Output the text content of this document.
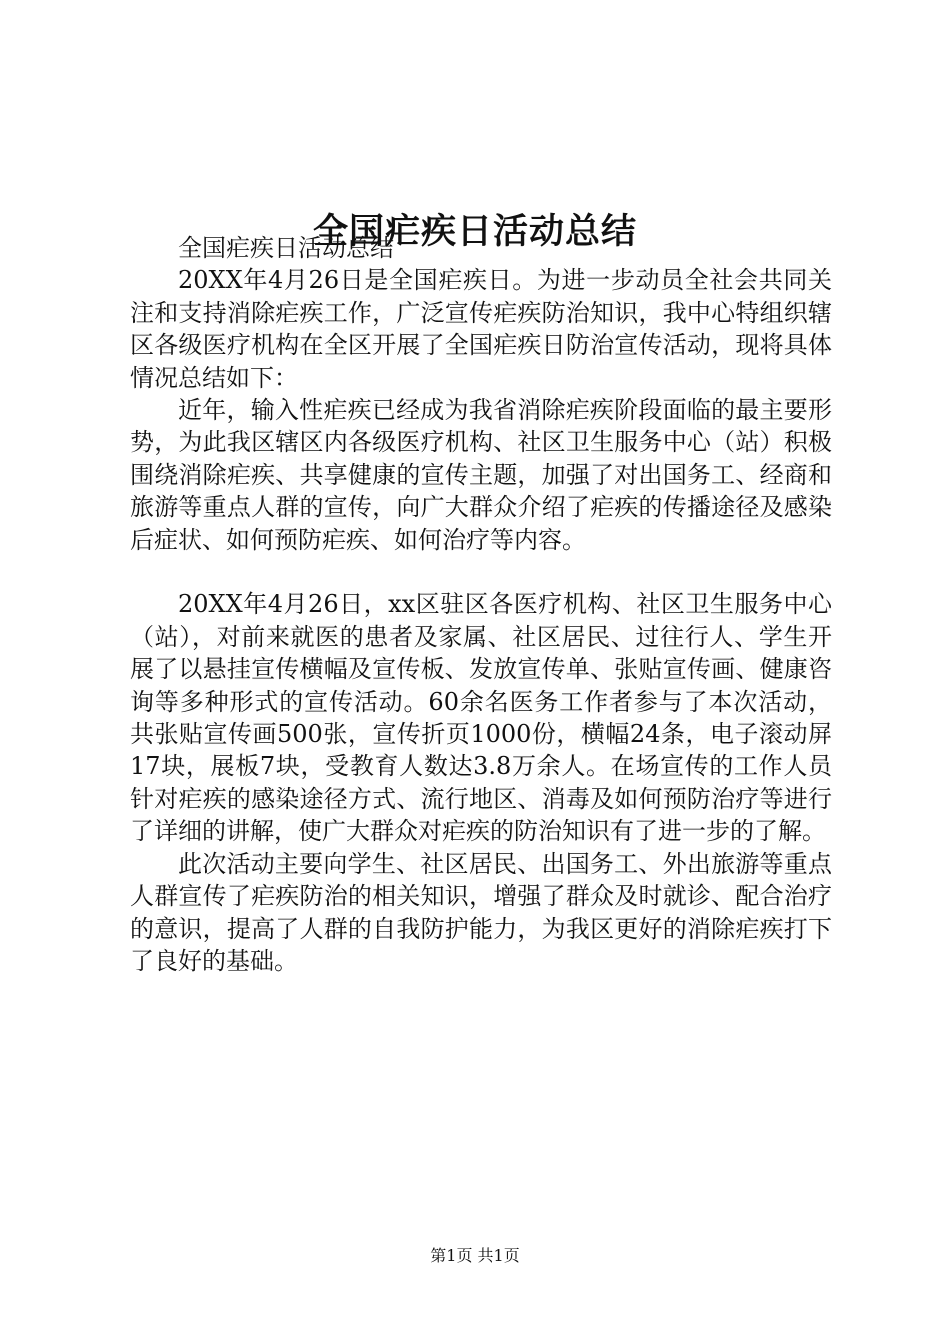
全国疟疾日活动总结

全国疟疾日活动总结

20XX年4月26日是全国疟疾日。为进一步动员全社会共同关注和支持消除疟疾工作，广泛宣传疟疾防治知识，我中心特组织辖区各级医疗机构在全区开展了全国疟疾日防治宣传活动，现将具体情况总结如下：

近年，输入性疟疾已经成为我省消除疟疾阶段面临的最主要形势，为此我区辖区内各级医疗机构、社区卫生服务中心（站）积极围绕消除疟疾、共享健康的宣传主题，加强了对出国务工、经商和旅游等重点人群的宣传，向广大群众介绍了疟疾的传播途径及感染后症状、如何预防疟疾、如何治疗等内容。

20XX年4月26日，xx区驻区各医疗机构、社区卫生服务中心（站），对前来就医的患者及家属、社区居民、过往行人、学生开展了以悬挂宣传横幅及宣传板、发放宣传单、张贴宣传画、健康咨询等多种形式的宣传活动。60余名医务工作者参与了本次活动，共张贴宣传画500张，宣传折页1000份，横幅24条，电子滚动屏17块，展板7块，受教育人数达3.8万余人。在场宣传的工作人员针对疟疾的感染途径方式、流行地区、消毒及如何预防治疗等进行了详细的讲解，使广大群众对疟疾的防治知识有了进一步的了解。

此次活动主要向学生、社区居民、出国务工、外出旅游等重点人群宣传了疟疾防治的相关知识，增强了群众及时就诊、配合治疗的意识，提高了人群的自我防护能力，为我区更好的消除疟疾打下了良好的基础。

第1页 共1页
